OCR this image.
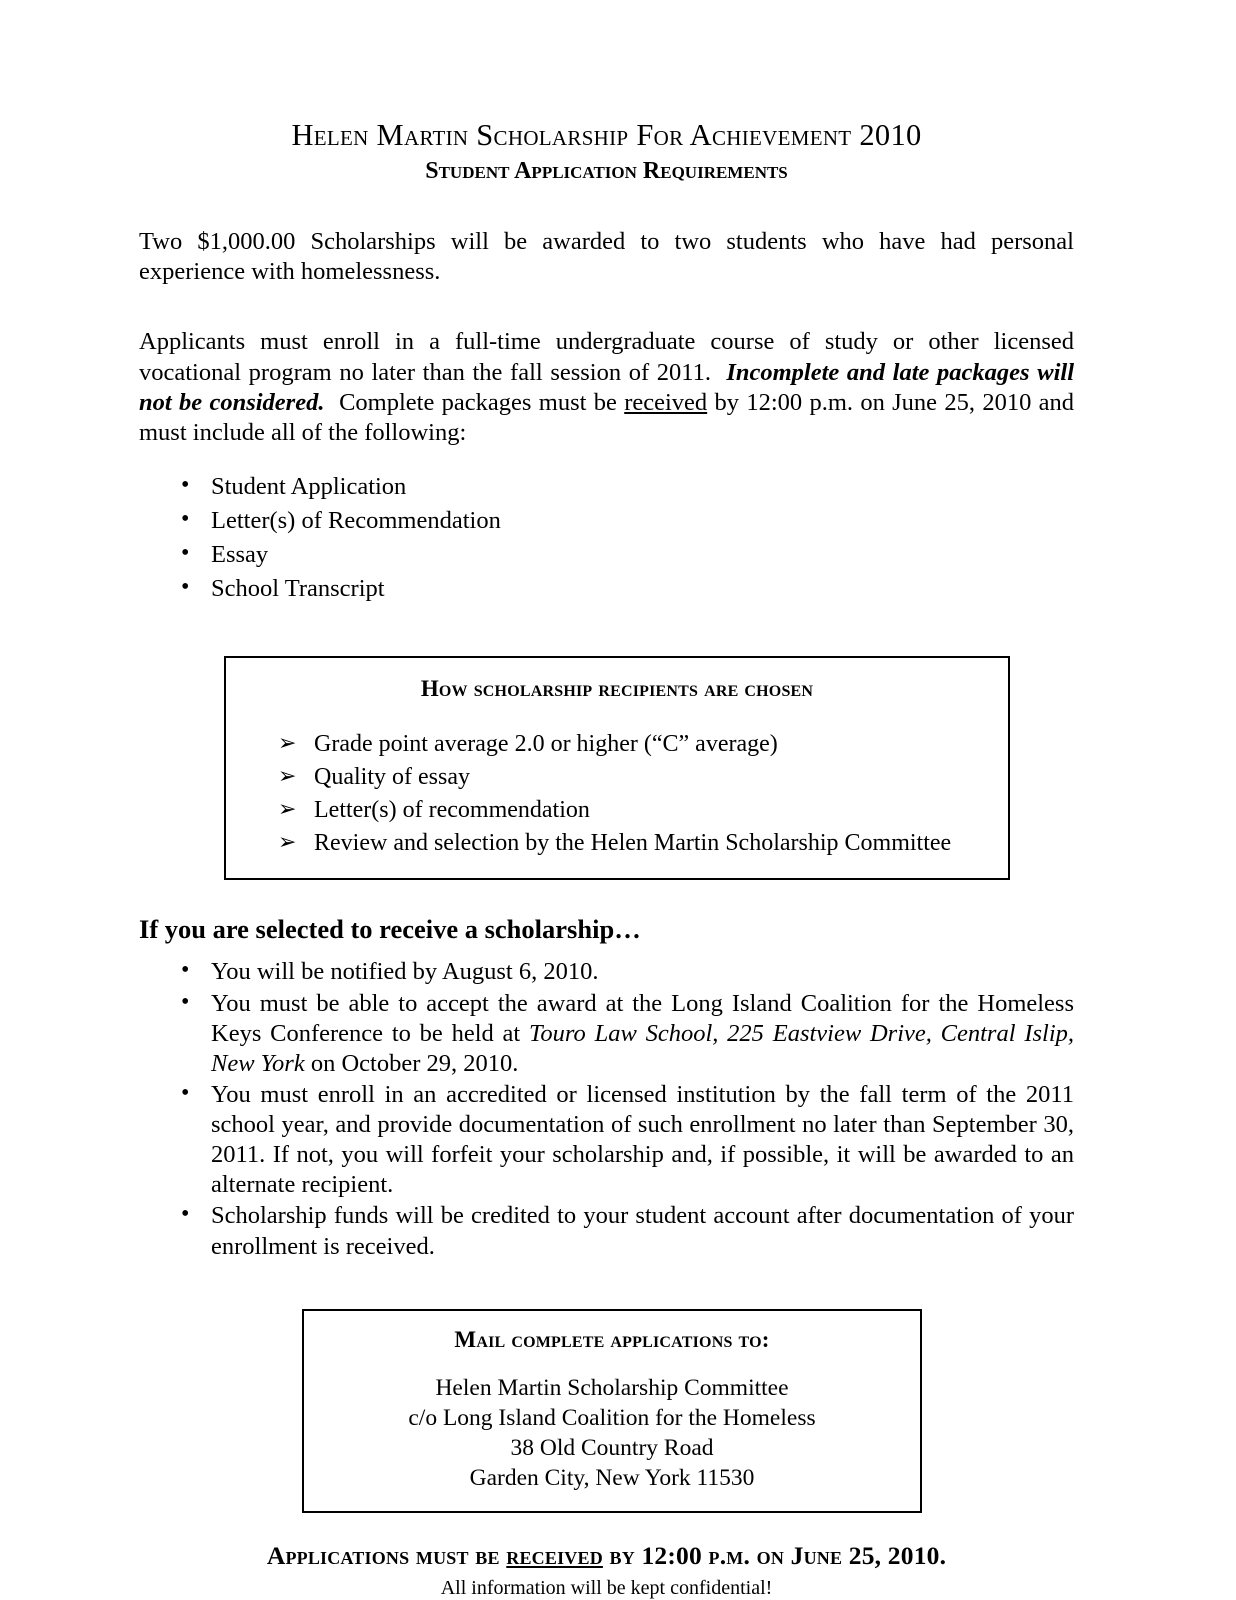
Helen Martin Scholarship For Achievement 2010
Student Application Requirements

Two $1,000.00 Scholarships will be awarded to two students who have had personal experience with homelessness.

Applicants must enroll in a full-time undergraduate course of study or other licensed vocational program no later than the fall session of 2011. Incomplete and late packages will not be considered. Complete packages must be received by 12:00 p.m. on June 25, 2010 and must include all of the following:

• Student Application
• Letter(s) of Recommendation
• Essay
• School Transcript
How scholarship recipients are chosen
➢ Grade point average 2.0 or higher (“C” average)
➢ Quality of essay
➢ Letter(s) of recommendation
➢ Review and selection by the Helen Martin Scholarship Committee
If you are selected to receive a scholarship…
• You will be notified by August 6, 2010.
• You must be able to accept the award at the Long Island Coalition for the Homeless Keys Conference to be held at Touro Law School, 225 Eastview Drive, Central Islip, New York on October 29, 2010.
• You must enroll in an accredited or licensed institution by the fall term of the 2011 school year, and provide documentation of such enrollment no later than September 30, 2011. If not, you will forfeit your scholarship and, if possible, it will be awarded to an alternate recipient.
• Scholarship funds will be credited to your student account after documentation of your enrollment is received.
Mail complete applications to:
Helen Martin Scholarship Committee
c/o Long Island Coalition for the Homeless
38 Old Country Road
Garden City, New York 11530
Applications must be received by 12:00 p.m. on June 25, 2010.
All information will be kept confidential!
